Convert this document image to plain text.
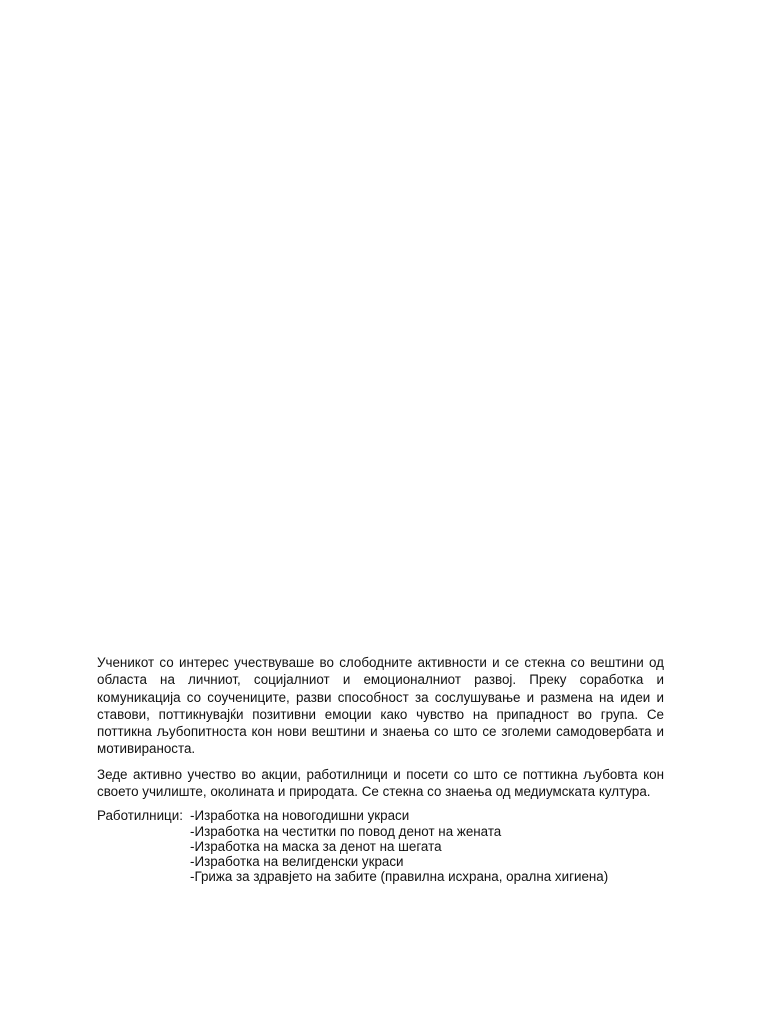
Ученикот со интерес учествуваше во слободните активности и се стекна со вештини од областа на личниот, социјалниот и емоционалниот развој. Преку соработка и комуникација со соучениците, разви способност за сослушување и размена на идеи и ставови, поттикнувајќи позитивни емоции како чувство на припадност во група. Се поттикна љубопитноста кон нови вештини и знаења со што се зголеми самодовербата и мотивираноста.

Зеде активно учество во акции, работилници и посети со што се поттикна љубовта кон своето училиште, околината и природата. Се стекна со знаења од медиумската култура.

Работилници: -Изработка на новогодишни украси
-Изработка на честитки по повод денот на жената
-Изработка на маска за денот на шегата
-Изработка на велигденски украси
-Грижа за здравјето на забите (правилна исхрана, орална хигиена)
